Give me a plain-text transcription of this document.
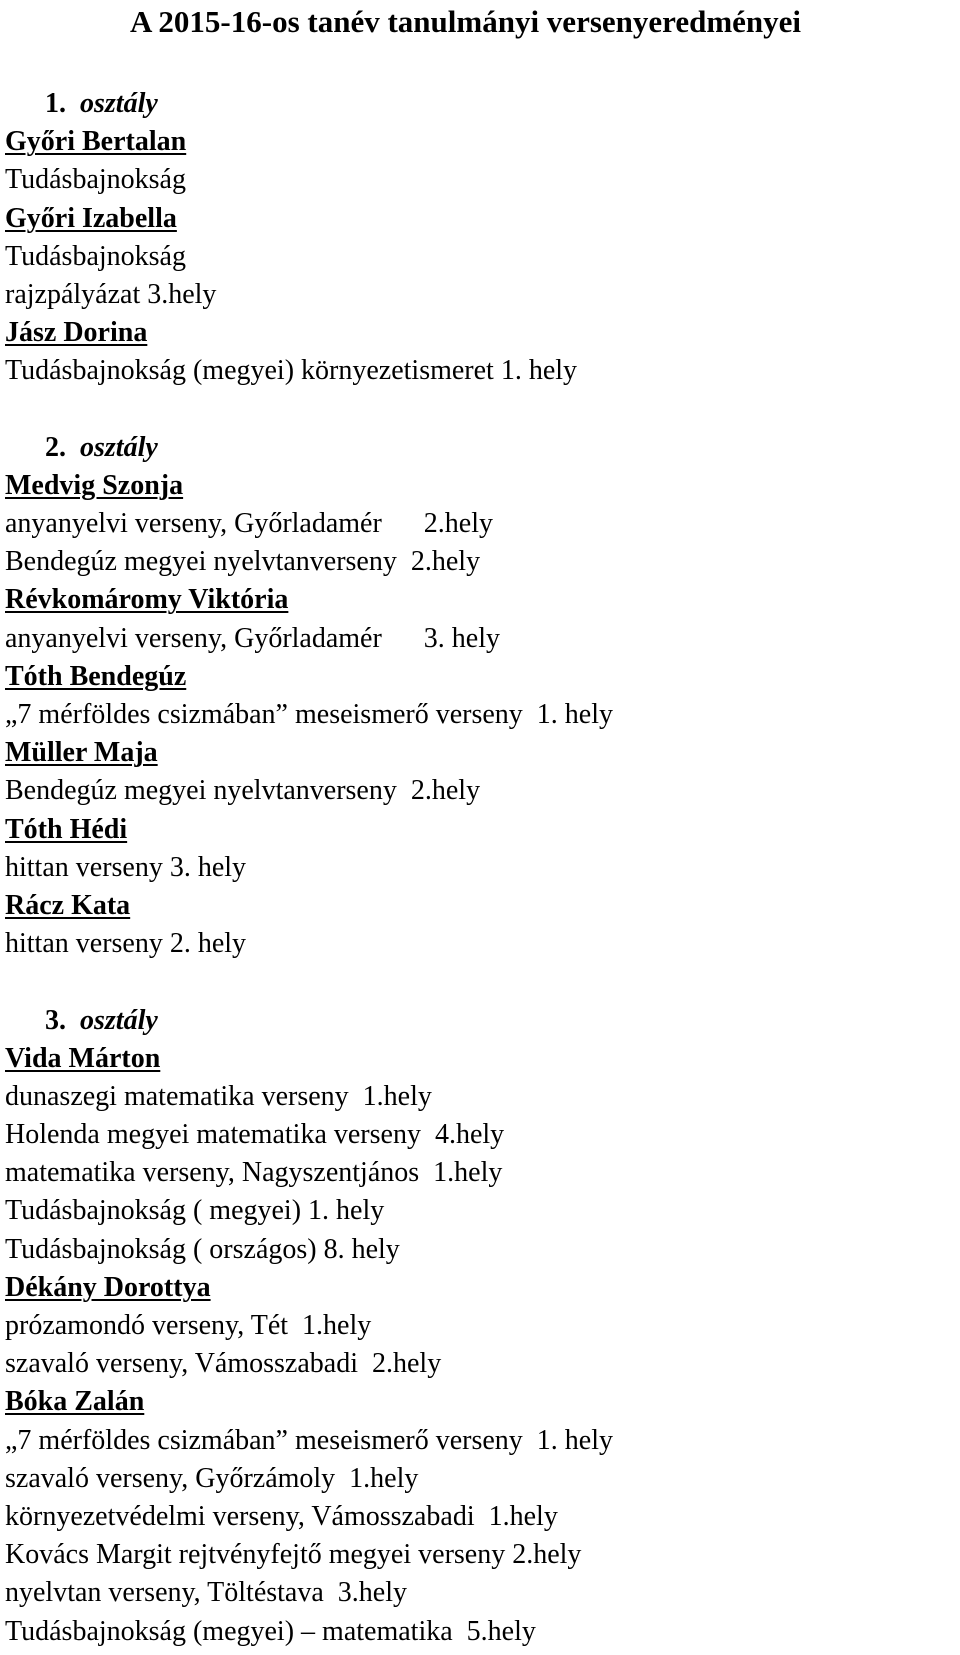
A 2015-16-os tanév tanulmányi versenyeredményei
1. osztály
Győri Bertalan
Tudásbajnokság
Győri Izabella
Tudásbajnokság
rajzpályázat 3.hely
Jász Dorina
Tudásbajnokság (megyei) környezetismeret 1. hely
2. osztály
Medvig Szonja
anyanyelvi verseny, Győrladamér      2.hely
Bendegúz megyei nyelvtanverseny  2.hely
Révkomáromy Viktória
anyanyelvi verseny, Győrladamér      3. hely
Tóth Bendegúz
„7 mérföldes csizmában” meseismerő verseny  1. hely
Müller Maja
Bendegúz megyei nyelvtanverseny  2.hely
Tóth Hédi
hittan verseny 3. hely
Rácz Kata
hittan verseny 2. hely
3. osztály
Vida Márton
dunaszegi matematika verseny  1.hely
Holenda megyei matematika verseny  4.hely
matematika verseny, Nagyszentjános  1.hely
Tudásbajnokság ( megyei) 1. hely
Tudásbajnokság ( országos) 8. hely
Dékány Dorottya
prózamondó verseny, Tét  1.hely
szavaló verseny, Vámosszabadi  2.hely
Bóka Zalán
„7 mérföldes csizmában” meseismerő verseny  1. hely
szavaló verseny, Győrzámoly  1.hely
környezetvédelmi verseny, Vámosszabadi  1.hely
Kovács Margit rejtvényfejtő megyei verseny 2.hely
nyelvtan verseny, Töltéstava  3.hely
Tudásbajnokság (megyei) – matematika  5.hely
